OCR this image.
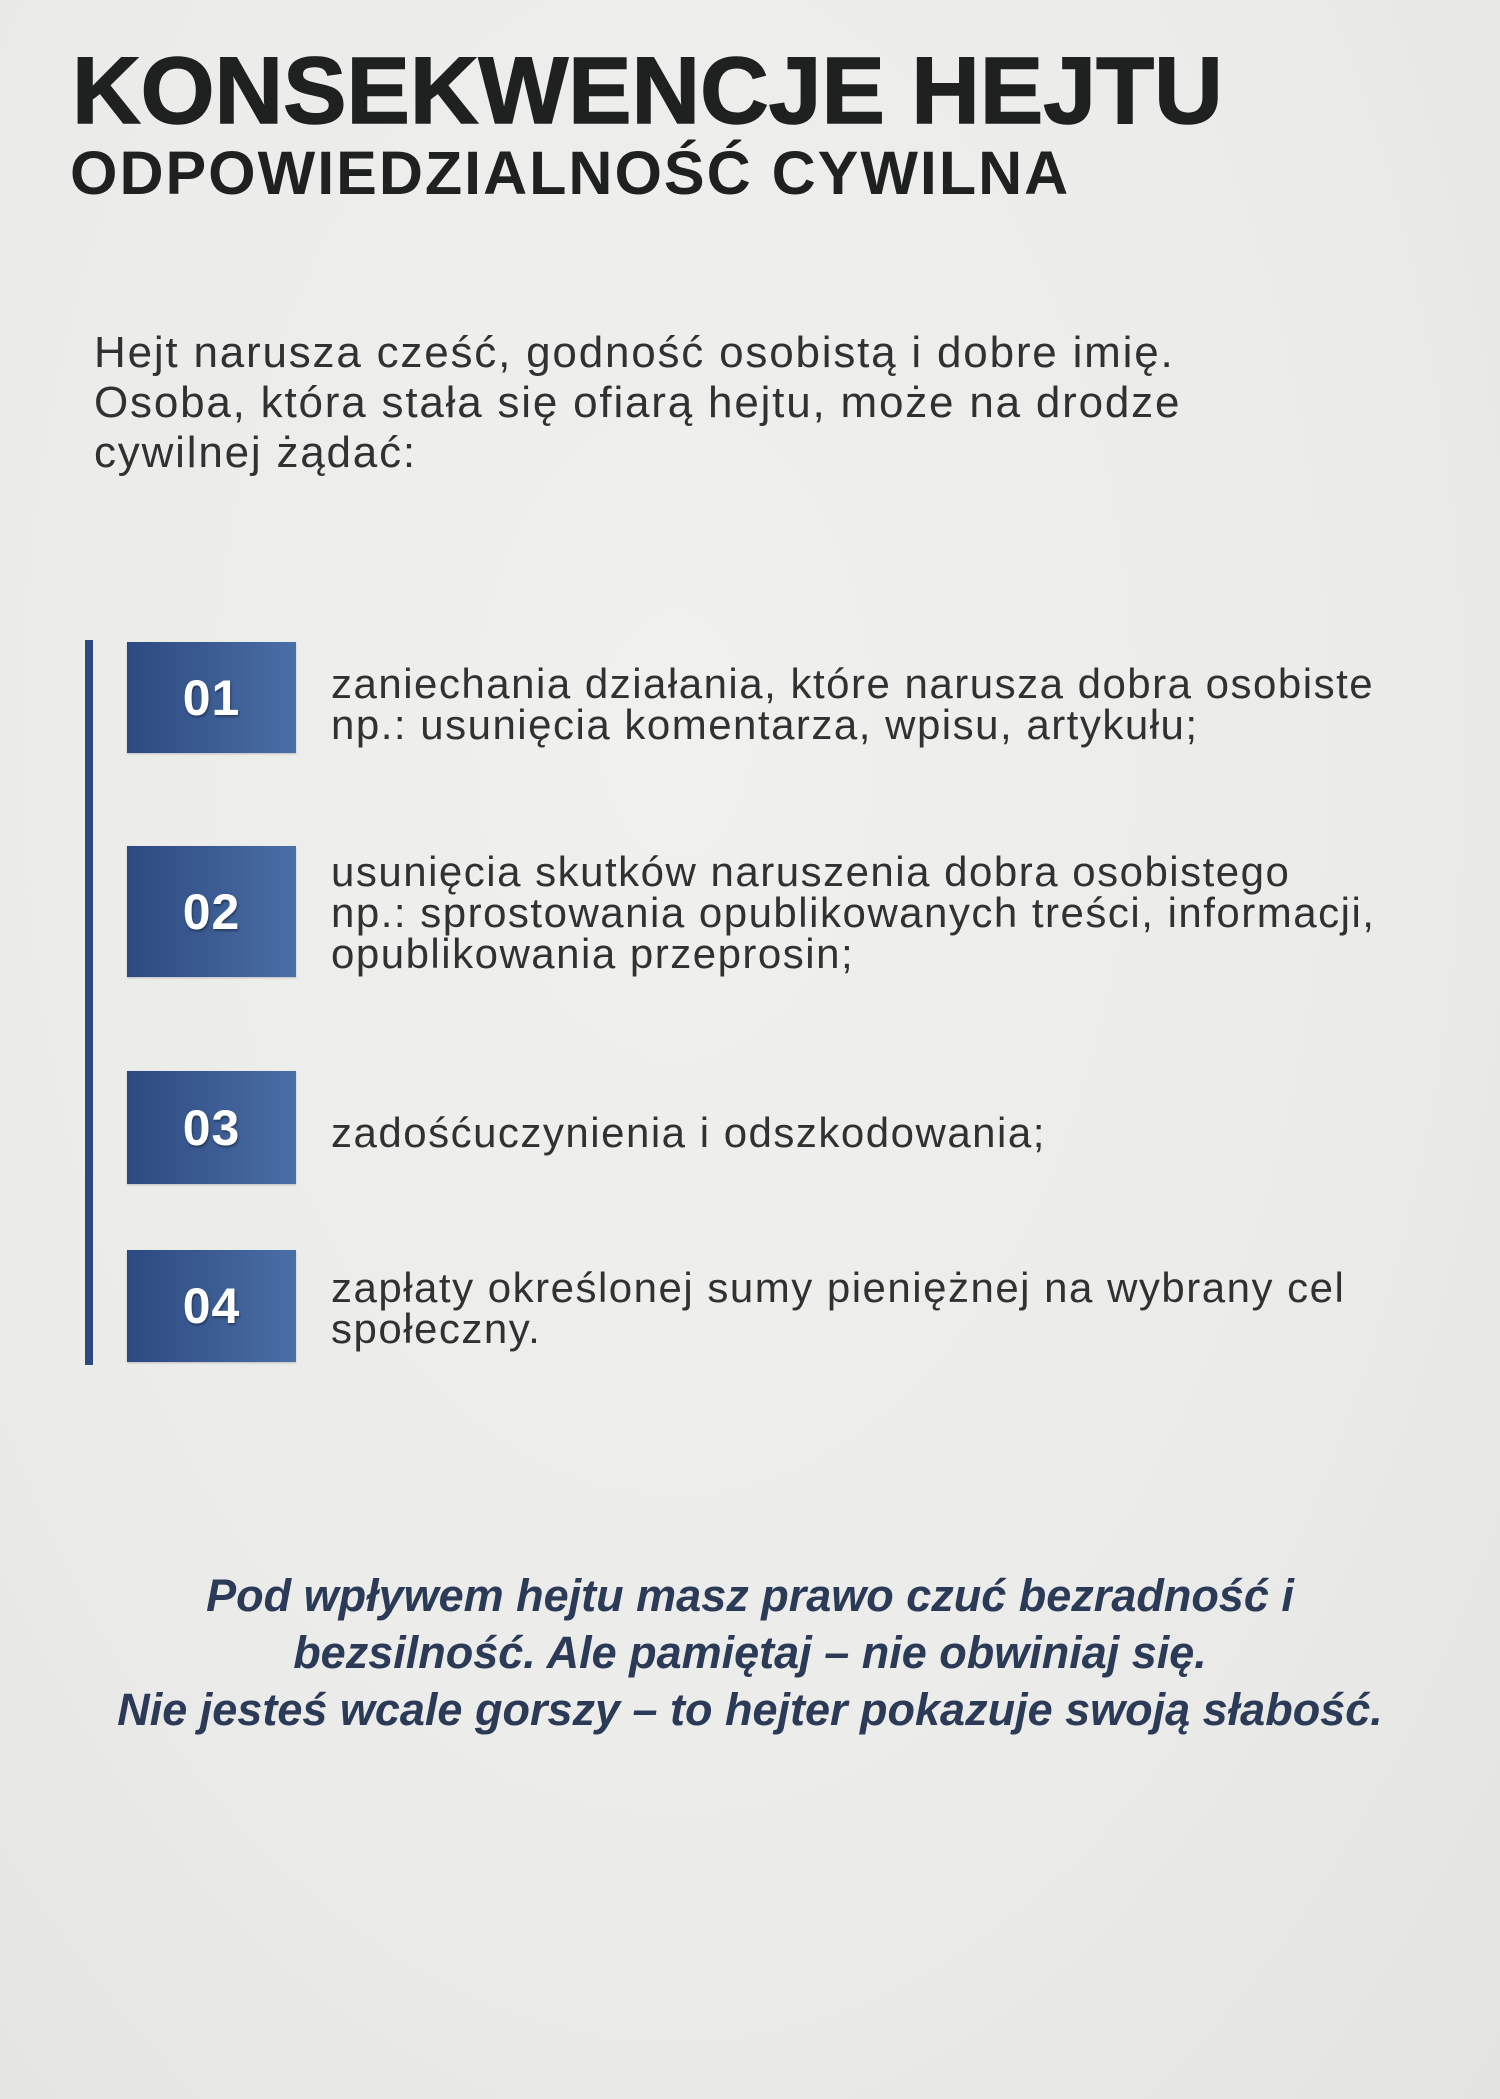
KONSEKWENCJE HEJTU
ODPOWIEDZIALNOŚĆ CYWILNA
Hejt narusza cześć, godność osobistą i dobre imię.
Osoba, która stała się ofiarą hejtu, może na drodze
cywilnej żądać:
01 zaniechania działania, które narusza dobra osobiste
np.: usunięcia komentarza, wpisu, artykułu;
02
usunięcia skutków naruszenia dobra osobistego
np.: sprostowania opublikowanych treści, informacji,
opublikowania przeprosin;
03 zadośćuczynienia i odszkodowania;
04 zapłaty określonej sumy pieniężnej na wybrany cel
społeczny.
Pod wpływem hejtu masz prawo czuć bezradność i
bezsilność. Ale pamiętaj – nie obwiniaj się.
Nie jesteś wcale gorszy – to hejter pokazuje swoją słabość.
